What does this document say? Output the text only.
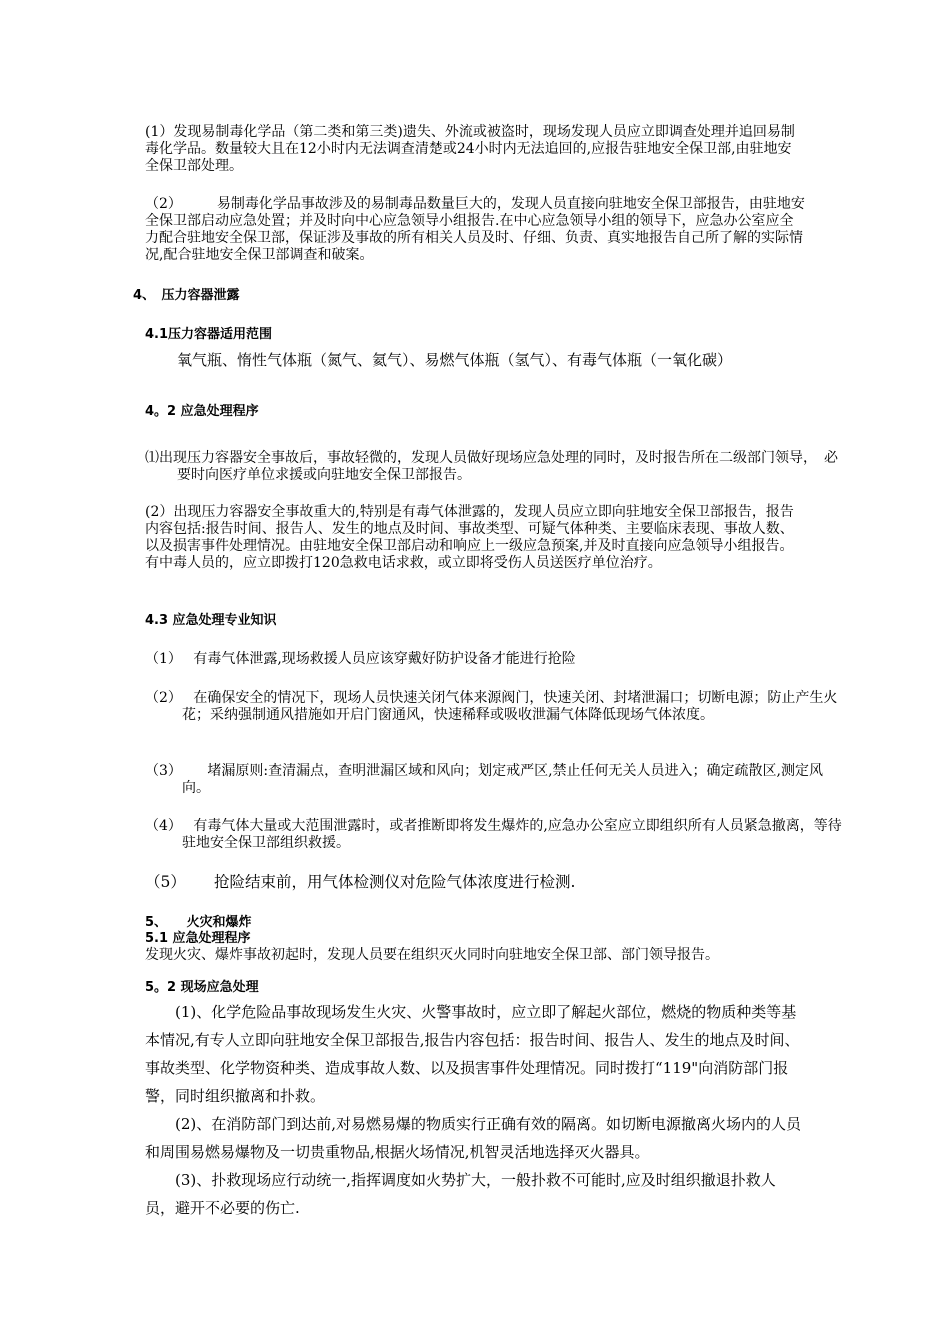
(1）发现易制毒化学品（第二类和第三类)遗失、外流或被盗时，现场发现人员应立即调查处理并追回易制毒化学品。数量较大且在12小时内无法调查清楚或24小时内无法追回的,应报告驻地安全保卫部,由驻地安全保卫部处理。

（2）　　　易制毒化学品事故涉及的易制毒品数量巨大的，发现人员直接向驻地安全保卫部报告，由驻地安全保卫部启动应急处置；并及时向中心应急领导小组报告.在中心应急领导小组的领导下，应急办公室应全力配合驻地安全保卫部，保证涉及事故的所有相关人员及时、仔细、负责、真实地报告自己所了解的实际情况,配合驻地安全保卫部调查和破案。

4、　压力容器泄露

4.1压力容器适用范围

氧气瓶、惰性气体瓶（氮气、氦气）、易燃气体瓶（氢气）、有毒气体瓶（一氧化碳）

4。2 应急处理程序

⑴出现压力容器安全事故后，事故轻微的，发现人员做好现场应急处理的同时，及时报告所在二级部门领导，　必要时向医疗单位求援或向驻地安全保卫部报告。

(2）出现压力容器安全事故重大的,特别是有毒气体泄露的，发现人员应立即向驻地安全保卫部报告，报告内容包括:报告时间、报告人、发生的地点及时间、事故类型、可疑气体种类、主要临床表现、事故人数、以及损害事件处理情况。由驻地安全保卫部启动和响应上一级应急预案,并及时直接向应急领导小组报告。有中毒人员的，应立即拨打120急救电话求救，或立即将受伤人员送医疗单位治疗。

4.3 应急处理专业知识

（1）　 有毒气体泄露,现场救援人员应该穿戴好防护设备才能进行抢险

（2）　 在确保安全的情况下，现场人员快速关闭气体来源阀门，快速关闭、封堵泄漏口；切断电源；防止产生火花；采纳强制通风措施如开启门窗通风，快速稀释或吸收泄漏气体降低现场气体浓度。

（3）　　 堵漏原则:查清漏点，查明泄漏区域和风向；划定戒严区,禁止任何无关人员进入；确定疏散区,测定风向。

（4）　 有毒气体大量或大范围泄露时，或者推断即将发生爆炸的,应急办公室应立即组织所有人员紧急撤离，等待驻地安全保卫部组织救援。

（5）　　 抢险结束前，用气体检测仪对危险气体浓度进行检测.

5、　　火灾和爆炸

5.1 应急处理程序

发现火灾、爆炸事故初起时，发现人员要在组织灭火同时向驻地安全保卫部、部门领导报告。

5。2 现场应急处理

(1)、化学危险品事故现场发生火灾、火警事故时，应立即了解起火部位，燃烧的物质种类等基本情况,有专人立即向驻地安全保卫部报告,报告内容包括：报告时间、报告人、发生的地点及时间、事故类型、化学物资种类、造成事故人数、以及损害事件处理情况。同时拨打“119"向消防部门报警，同时组织撤离和扑救。

(2)、在消防部门到达前,对易燃易爆的物质实行正确有效的隔离。如切断电源撤离火场内的人员和周围易燃易爆物及一切贵重物品,根据火场情况,机智灵活地选择灭火器具。

(3)、扑救现场应行动统一,指挥调度如火势扩大，一般扑救不可能时,应及时组织撤退扑救人员，避开不必要的伤亡.
